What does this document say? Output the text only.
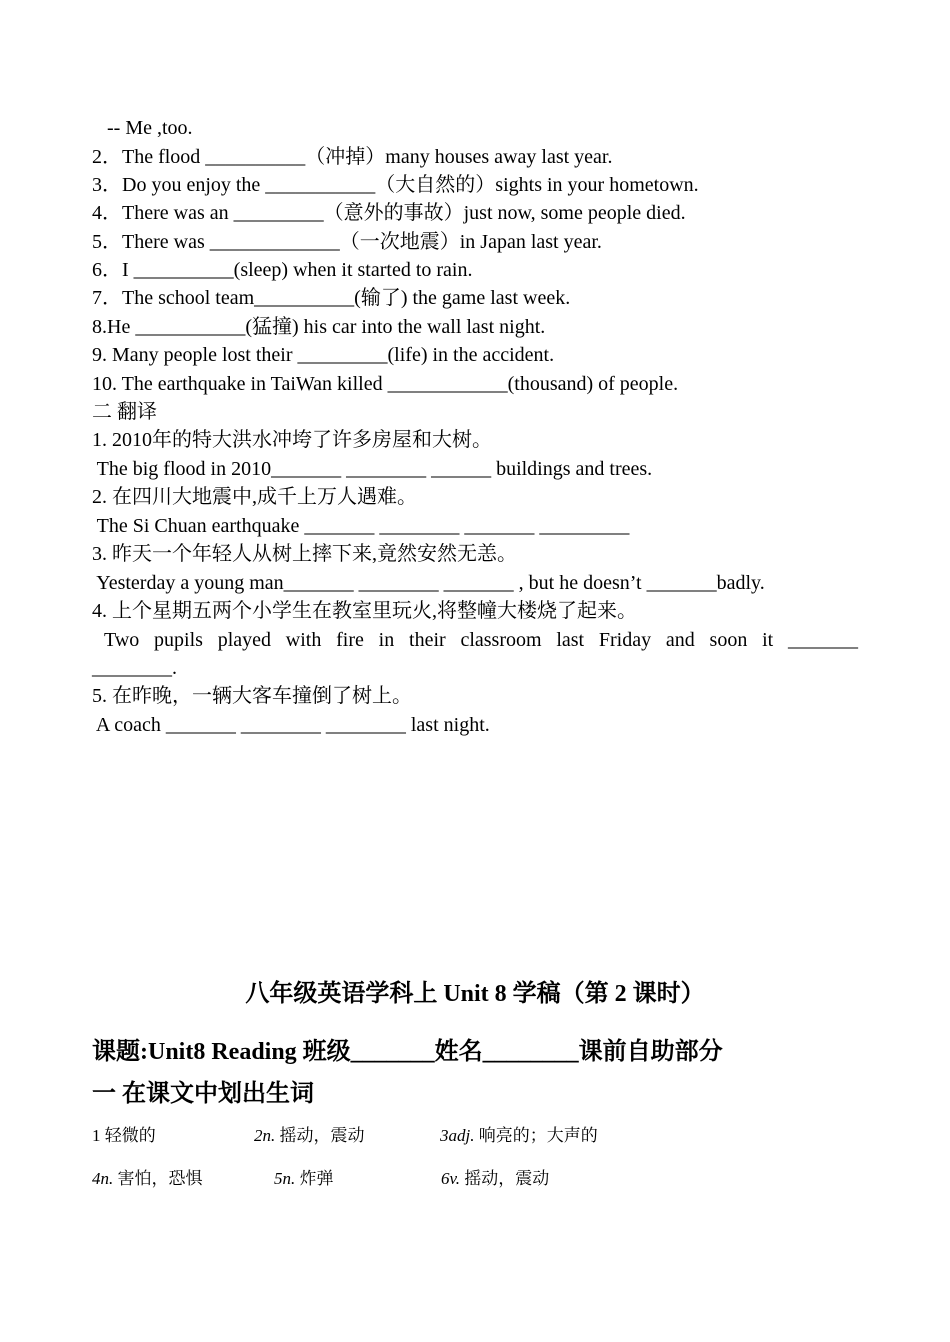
-- Me ,too.
2．The flood __________（冲掉）many houses away last year.
3．Do you enjoy the ___________（大自然的）sights in your hometown.
4．There was an _________（意外的事故）just now, some people died.
5．There was _____________（一次地震）in Japan last year.
6．I __________(sleep) when it started to rain.
7．The school team__________(输了) the game last week.
8.He ___________(猛撞) his car into the wall last night.
9. Many people lost their _________(life) in the accident.
10. The earthquake in TaiWan killed ____________(thousand) of people.
二 翻译
1. 2010年的特大洪水冲垮了许多房屋和大树。
The big flood in 2010_______ ________ ______ buildings and trees.
2. 在四川大地震中,成千上万人遇难。
The Si Chuan earthquake _______ ________ _______ _________
3. 昨天一个年轻人从树上摔下来,竟然安然无恙。
Yesterday a young man_______ ________ _______ , but he doesn’t _______badly.
4. 上个星期五两个小学生在教室里玩火,将整幢大楼烧了起来。
Two pupils played with fire in their classroom last Friday and soon it _______
________.
5. 在昨晚，一辆大客车撞倒了树上。
A coach _______ ________ ________ last night.
八年级英语学科上 Unit 8 学稿（第 2 课时）
课题:Unit8 Reading 班级_______姓名________课前自助部分
一 在课文中划出生词
1 轻微的	2n. 摇动，震动	3adj. 响亮的；大声的
4n. 害怕，恐惧	5n. 炸弹	6v. 摇动，震动
